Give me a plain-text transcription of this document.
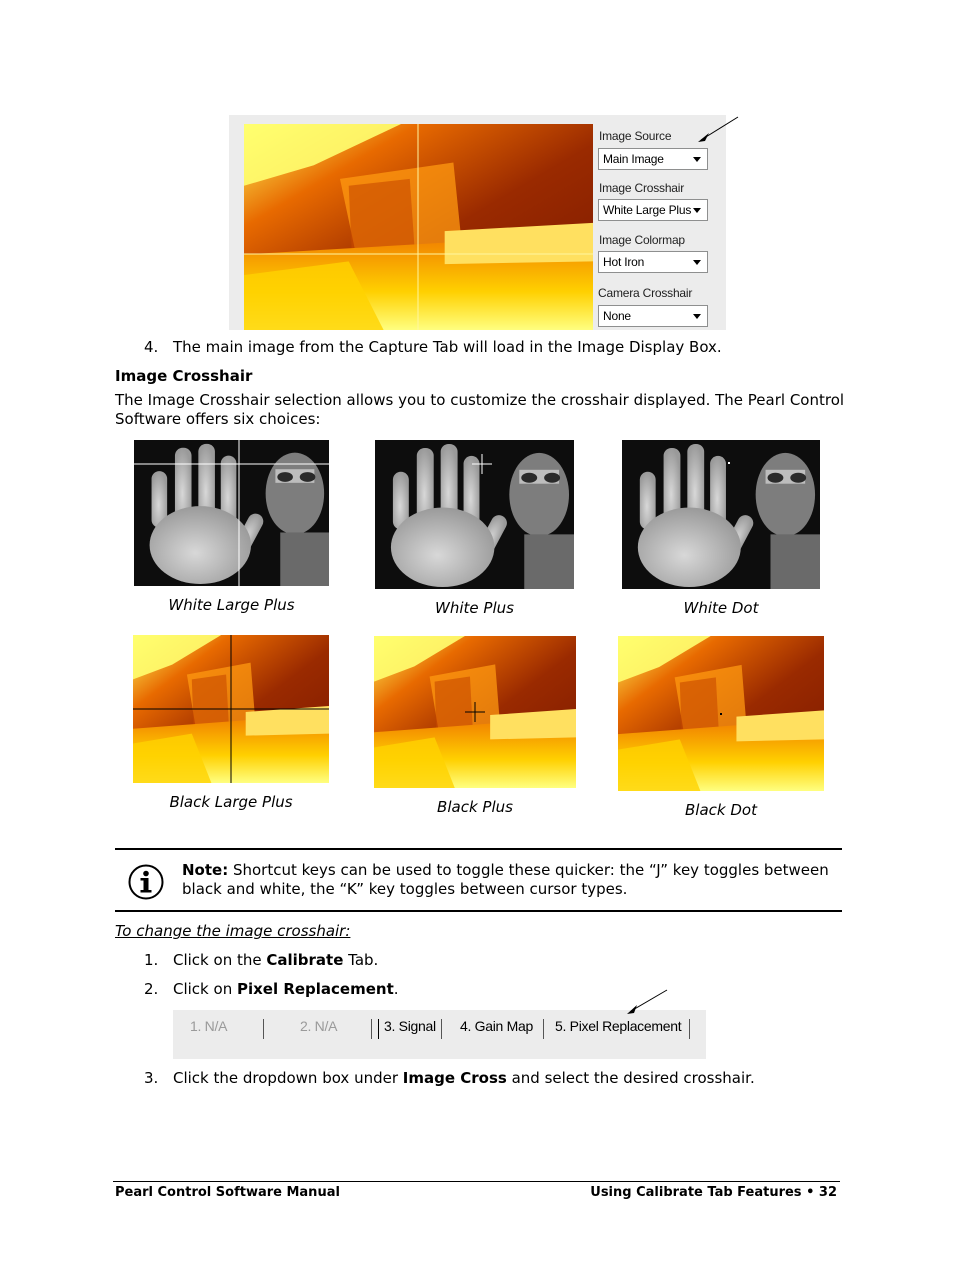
Image Source
Main Image
Image Crosshair
White Large Plus
Image Colormap
Hot Iron
Camera Crosshair
None
4. The main image from the Capture Tab will load in the Image Display Box.
Image Crosshair
The Image Crosshair selection allows you to customize the crosshair displayed. The Pearl Control Software offers six choices:
White Large Plus	White Plus	White Dot
Black Large Plus	Black Plus	Black Dot
Note: Shortcut keys can be used to toggle these quicker: the “J” key toggles between
black and white, the “K” key toggles between cursor types.
To change the image crosshair:
1. Click on the Calibrate Tab.
2. Click on Pixel Replacement.
1. N/A	2. N/A	3. Signal 4. Gain Map 5. Pixel Replacement
3. Click the dropdown box under Image Cross and select the desired crosshair.
Pearl Control Software Manual	Using Calibrate Tab Features • 32
